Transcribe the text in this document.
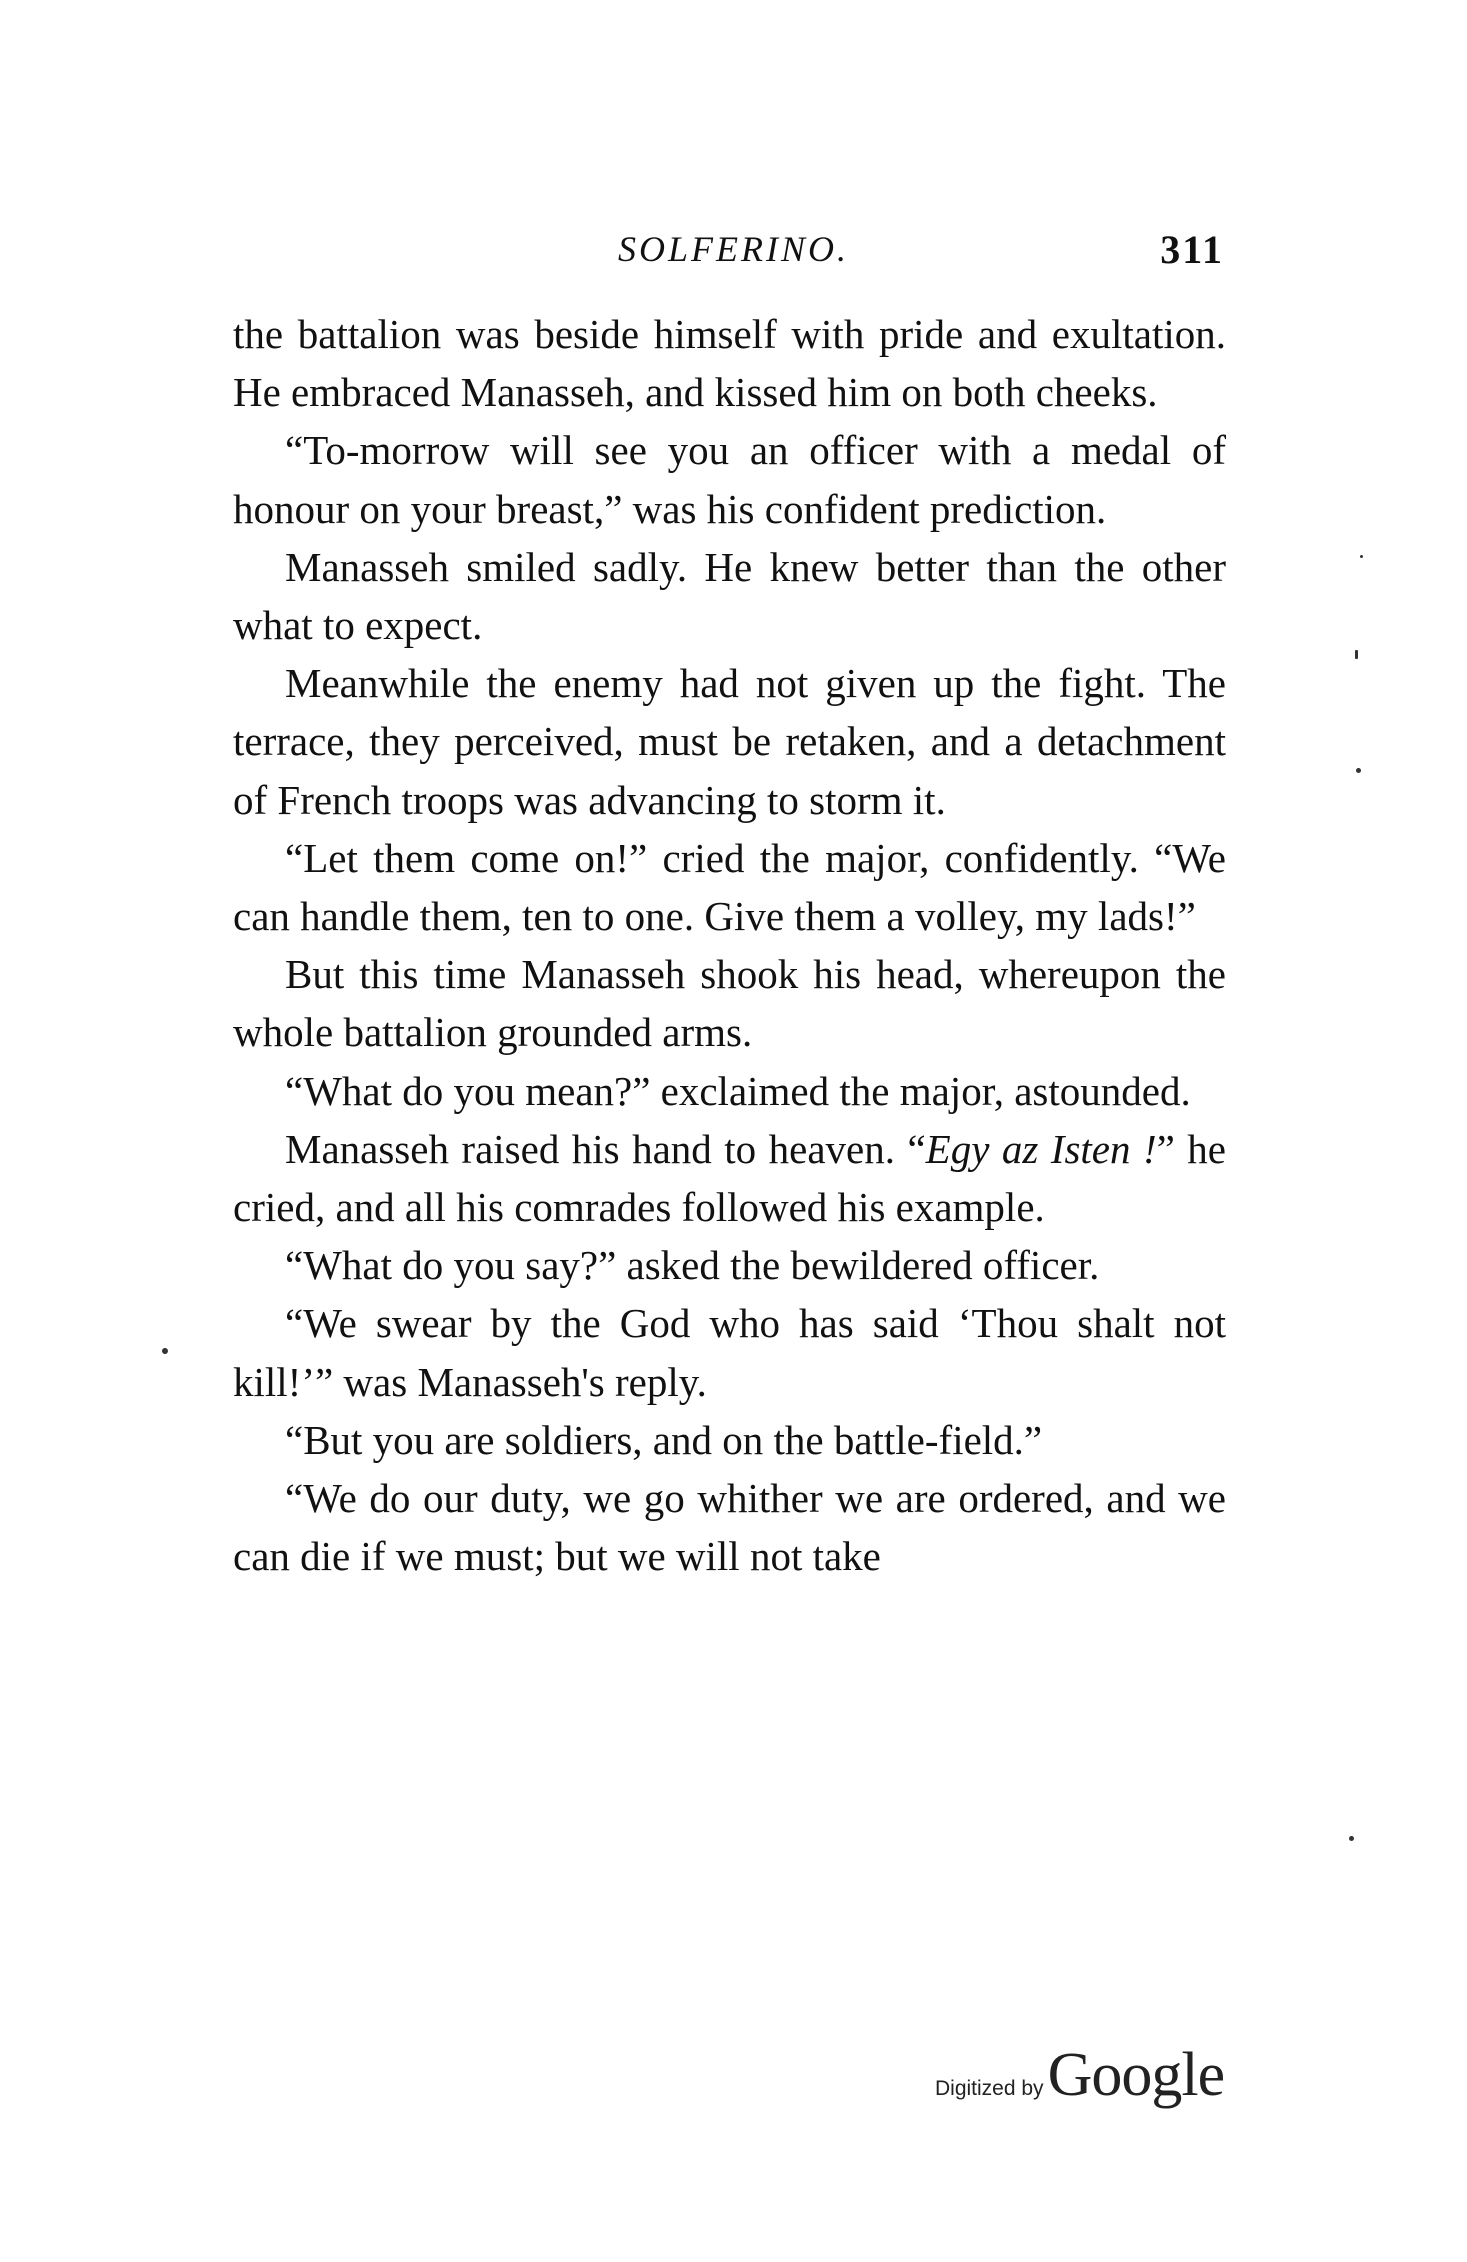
SOLFERINO.	311

the battalion was beside himself with pride and exultation. He embraced Manasseh, and kissed him on both cheeks.

“To-morrow will see you an officer with a medal of honour on your breast,” was his confident prediction.

Manasseh smiled sadly. He knew better than the other what to expect.

Meanwhile the enemy had not given up the fight. The terrace, they perceived, must be retaken, and a detachment of French troops was advancing to storm it.

“Let them come on!” cried the major, confidently. “We can handle them, ten to one. Give them a volley, my lads!”

But this time Manasseh shook his head, whereupon the whole battalion grounded arms.

“What do you mean?” exclaimed the major, astounded.

Manasseh raised his hand to heaven. “Egy az Isten !” he cried, and all his comrades followed his example.

“What do you say?” asked the bewildered officer.

“We swear by the God who has said ‘Thou shalt not kill!’” was Manasseh's reply.

“But you are soldiers, and on the battle-field.”

“We do our duty, we go whither we are ordered, and we can die if we must; but we will not take

Digitized by Google
